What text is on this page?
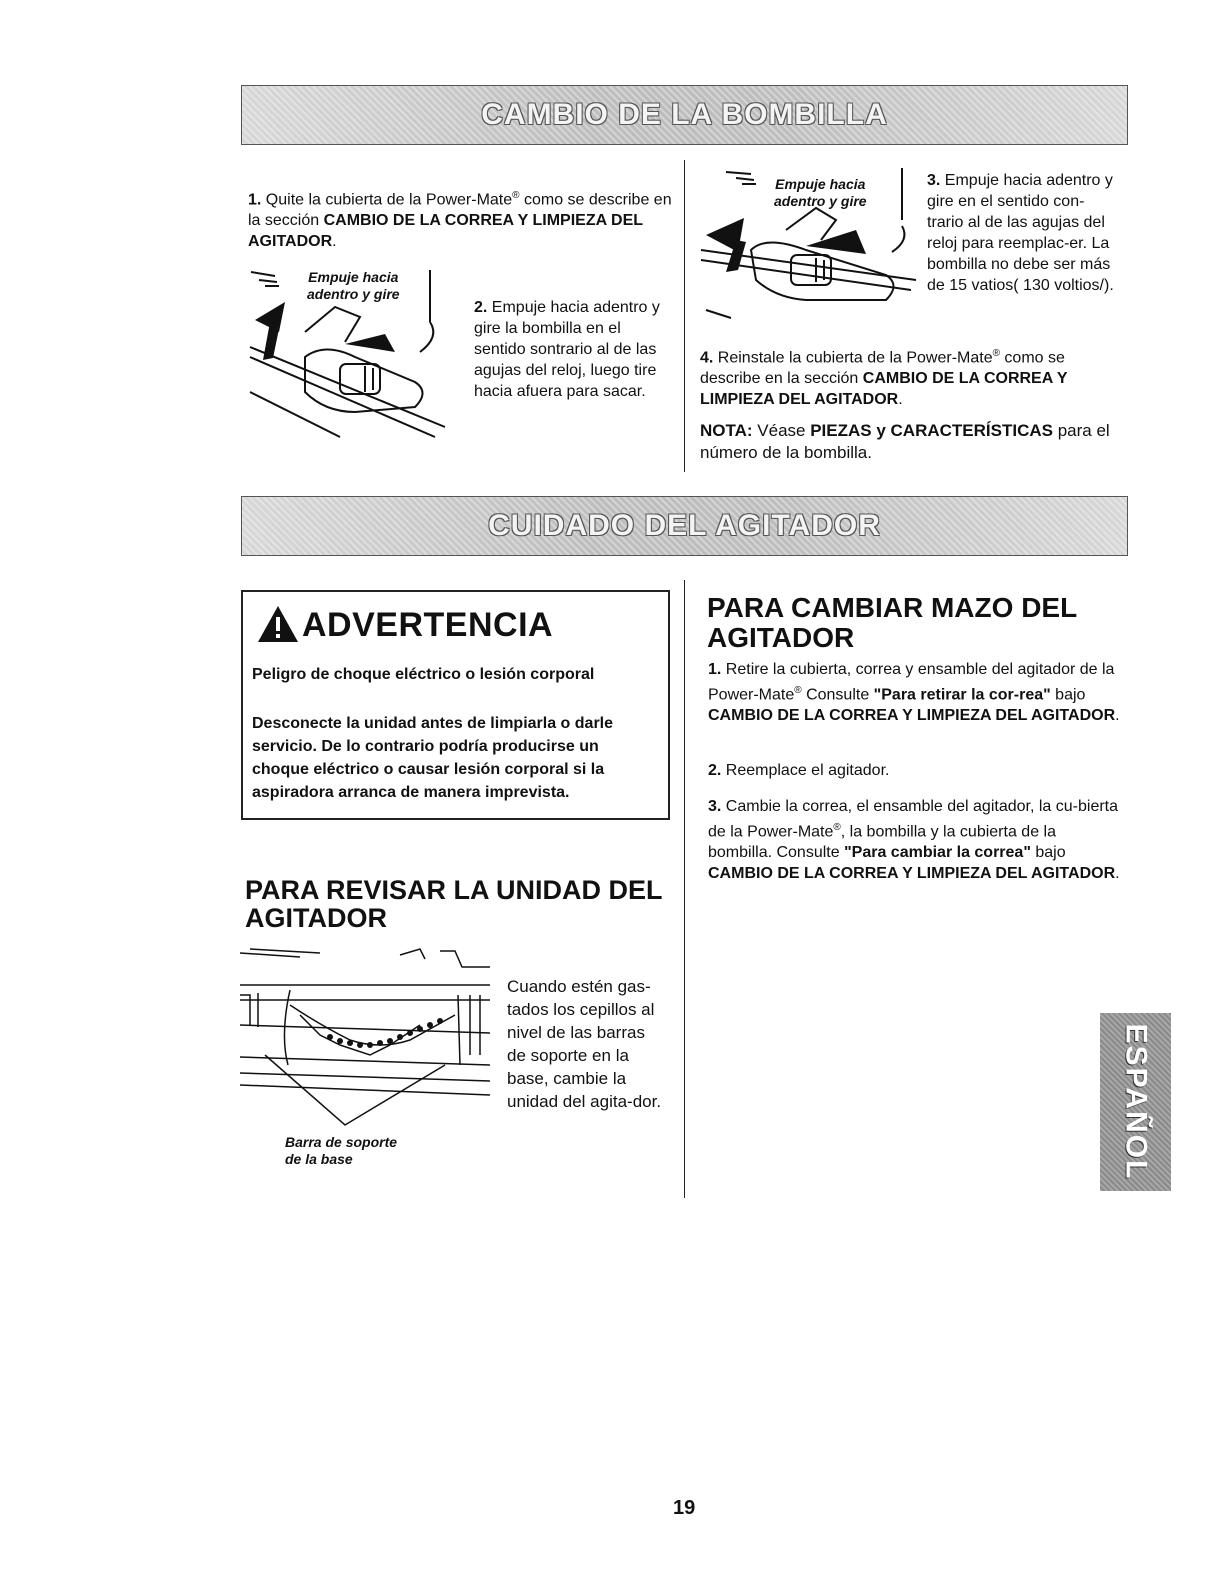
CAMBIO DE LA BOMBILLA
1. Quite la cubierta de la Power-Mate® como se describe en la sección CAMBIO DE LA CORREA Y LIMPIEZA DEL AGITADOR.
Empuje hacia
adentro y gire
2. Empuje hacia adentro y gire la bombilla en el sentido sontrario al de las agujas del reloj, luego tire hacia afuera para sacar.
Empuje hacia
adentro y gire
3. Empuje hacia adentro y gire en el sentido con-trario al de las agujas del reloj para reemplac-er. La bombilla no debe ser más de 15 vatios( 130 voltios/).
4. Reinstale la cubierta de la Power-Mate® como se describe en la sección CAMBIO DE LA CORREA Y LIMPIEZA DEL AGITADOR.
NOTA: Véase PIEZAS y CARACTERÍSTICAS para el número de la bombilla.
CUIDADO DEL AGITADOR
ADVERTENCIA
Peligro de choque eléctrico o lesión corporal
Desconecte la unidad antes de limpiarla o darle servicio. De lo contrario podría producirse un choque eléctrico o causar lesión corporal si la aspiradora arranca de manera imprevista.
PARA REVISAR LA UNIDAD DEL AGITADOR
Cuando estén gas-tados los cepillos al nivel de las barras de soporte en la base, cambie la unidad del agita-dor.
Barra de soporte
de la base
PARA CAMBIAR MAZO DEL AGITADOR
1. Retire la cubierta, correa y ensamble del agitador de la Power-Mate® Consulte "Para retirar la cor-rea" bajo CAMBIO DE LA CORREA Y LIMPIEZA DEL AGITADOR.
2. Reemplace el agitador.
3. Cambie la correa, el ensamble del agitador, la cu-bierta de la Power-Mate®, la bombilla y la cubierta de la bombilla. Consulte "Para cambiar la correa" bajo CAMBIO DE LA CORREA Y LIMPIEZA DEL AGITADOR.
ESPAÑOL
19
